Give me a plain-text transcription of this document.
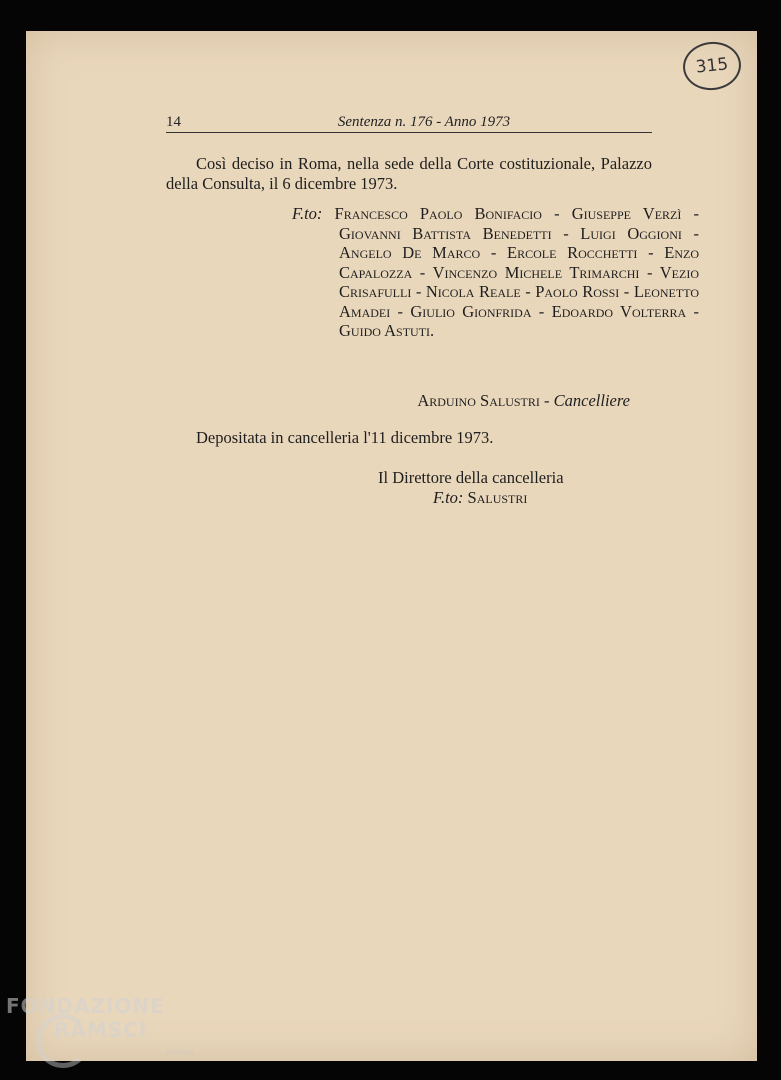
315
14	Sentenza n. 176 - Anno 1973
Così deciso in Roma, nella sede della Corte costituzionale, Palazzo della Consulta, il 6 dicembre 1973.
F.to: Francesco Paolo Bonifacio - Giuseppe Verzì - Giovanni Battista Benedetti - Luigi Oggioni - Angelo De Marco - Ercole Rocchetti - Enzo Capalozza - Vincenzo Michele Trimarchi - Vezio Crisafulli - Nicola Reale - Paolo Rossi - Leonetto Amadei - Giulio Gionfrida - Edoardo Volterra - Guido Astuti.
Arduino Salustri - Cancelliere
Depositata in cancelleria l'11 dicembre 1973.
Il Direttore della cancelleria
F.to: Salustri
FONDAZIONE
RAMSCI
onlus
